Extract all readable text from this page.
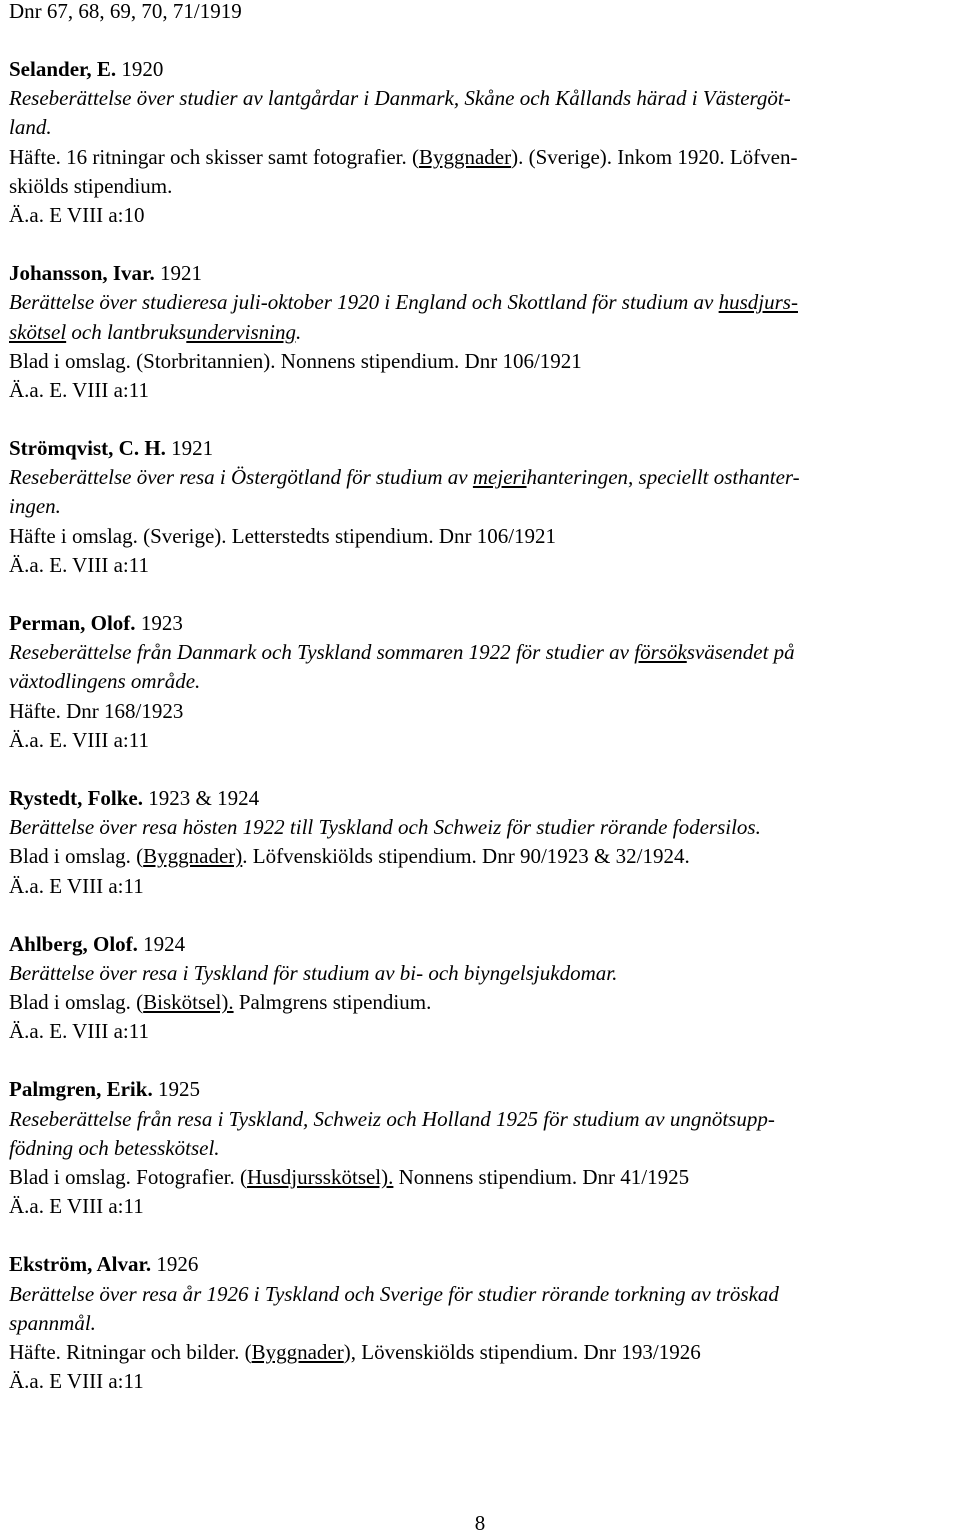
Dnr 67, 68, 69, 70, 71/1919
Selander, E. 1920
Reseberättelse över studier av lantgårdar i Danmark, Skåne och Kållands härad i Västergöt-
land.
Häfte. 16 ritningar och skisser samt fotografier. (Byggnader). (Sverige). Inkom 1920. Löfven-
skiölds stipendium.
Ä.a. E VIII a:10
Johansson, Ivar. 1921
Berättelse över studieresa juli-oktober 1920 i England och Skottland för studium av husdjurs-
skötsel och lantbruksundervisning.
Blad i omslag. (Storbritannien). Nonnens stipendium. Dnr 106/1921
Ä.a. E. VIII a:11
Strömqvist, C. H. 1921
Reseberättelse över resa i Östergötland för studium av mejerihanteringen, speciellt osthanter-
ingen.
Häfte i omslag. (Sverige). Letterstedts stipendium. Dnr 106/1921
Ä.a. E. VIII a:11
Perman, Olof. 1923
Reseberättelse från Danmark och Tyskland sommaren 1922 för studier av försöksväsendet på
växtodlingens område.
Häfte. Dnr 168/1923
Ä.a. E. VIII a:11
Rystedt, Folke. 1923 & 1924
Berättelse över resa hösten 1922 till Tyskland och Schweiz för studier rörande fodersilos.
Blad i omslag. (Byggnader). Löfvenskiölds stipendium. Dnr 90/1923 & 32/1924.
Ä.a. E VIII a:11
Ahlberg, Olof. 1924
Berättelse över resa i Tyskland för studium av bi- och biyngelsjukdomar.
Blad i omslag. (Biskötsel). Palmgrens stipendium.
Ä.a. E. VIII a:11
Palmgren, Erik. 1925
Reseberättelse från resa i Tyskland, Schweiz och Holland 1925 för studium av ungnötsupp-
födning och betesskötsel.
Blad i omslag. Fotografier. (Husdjursskötsel). Nonnens stipendium. Dnr 41/1925
Ä.a. E VIII a:11
Ekström, Alvar. 1926
Berättelse över resa år 1926 i Tyskland och Sverige för studier rörande torkning av tröskad
spannmål.
Häfte. Ritningar och bilder. (Byggnader), Lövenskiölds stipendium. Dnr 193/1926
Ä.a. E VIII a:11
8
